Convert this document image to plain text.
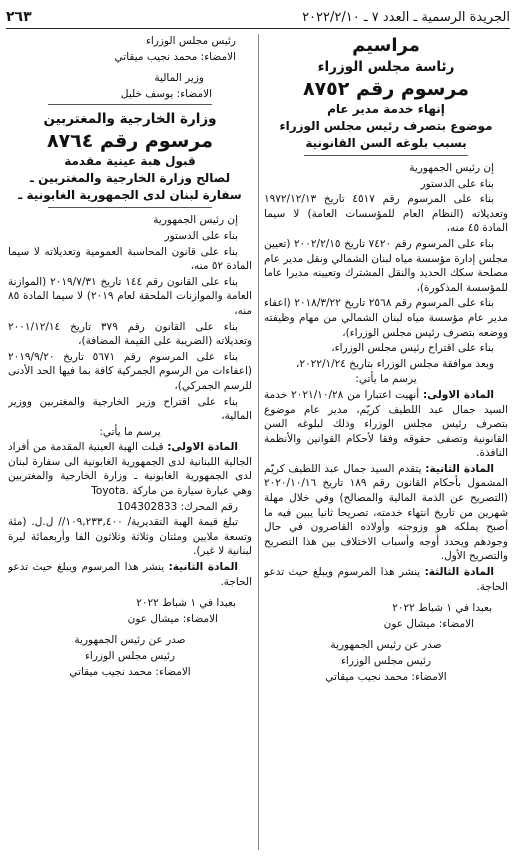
الجريدة الرسمية ـ العدد ٧ ـ ٢٠٢٢/٢/١٠
٢٦٣
مراسيم
رئاسة مجلس الوزراء
مرسوم رقم ٨٧٥٢
إنهاء خدمة مدير عام
موضوع بتصرف رئيس مجلس الوزراء
بسبب بلوغه السن القانونية

إن رئيس الجمهورية

بناء على الدستور

بناء على المرسوم رقم ٤٥١٧ تاريخ ١٩٧٢/١٢/١٣ وتعديلاته (النظام العام للمؤسسات العامة) لا سيما المادة ٤٥ منه،

بناء على المرسوم رقم ٧٤٢٠ تاريخ ٢٠٠٢/٢/١٥ (تعيين مجلس إدارة مؤسسة مياه لبنان الشمالي ونقل مدير عام مصلحة سكك الحديد والنقل المشترك وتعيينه مديرا عاما للمؤسسة المذكورة)،

بناء على المرسوم رقم ٢٥٦٨ تاريخ ٢٠١٨/٣/٢٢ (اعفاء مدير عام مؤسسة مياه لبنان الشمالي من مهام وظيفته ووضعه بتصرف رئيس مجلس الوزراء)،

بناء على اقتراح رئيس مجلس الوزراء،

وبعد موافقة مجلس الوزراء بتاريخ ٢٠٢٢/١/٢٤،

يرسم ما يأتي:

المادة الاولى: أنهيت اعتبارا من ٢٠٢١/١٠/٢٨ خدمة السيد جمال عبد اللطيف كريّم، مدير عام موضوع بتصرف رئيس مجلس الوزراء وذلك لبلوغه السن القانونية وتصفى حقوقه وفقا لأحكام القوانين والأنظمة النافذة.

المادة الثانية: يتقدم السيد جمال عبد اللطيف كريّم المشمول بأحكام القانون رقم ١٨٩ تاريخ ٢٠٢٠/١٠/١٦ (التصريح عن الذمة المالية والمصالح) وفي خلال مهلة شهرين من تاريخ انتهاء خدمته، تصريحا ثانيا يبين فيه ما أصبح يملكه هو وزوجته وأولاده القاصرون في حال وجودهم ويحدد أوجه وأسباب الاختلاف بين هذا التصريح والتصريح الأول.

المادة الثالثة: ينشر هذا المرسوم ويبلغ حيث تدعو الحاجة.

بعبدا في ١ شباط ٢٠٢٢

الامضاء: ميشال عون

صدر عن رئيس الجمهورية

رئيس مجلس الوزراء

الامضاء: محمد نجيب ميقاتي

رئيس مجلس الوزراء

الامضاء: محمد نجيب ميقاتي

وزير المالية

الامضاء: يوسف خليل

وزارة الخارجية والمغتربين
مرسوم رقم ٨٧٦٤
قبول هبة عينية مقدمة
لصالح وزارة الخارجية والمغتربين ـ
سفارة لبنان لدى الجمهورية الغابونية ـ

إن رئيس الجمهورية

بناء على الدستور

بناء على قانون المحاسبة العمومية وتعديلاته لا سيما المادة ٥٢ منه،

بناء على القانون رقم ١٤٤ تاريخ ٢٠١٩/٧/٣١ (الموازنة العامة والموازنات الملحقة لعام ٢٠١٩) لا سيما المادة ٨٥ منه،

بناء على القانون رقم ٣٧٩ تاريخ ٢٠٠١/١٢/١٤ وتعديلاته (الضريبة على القيمة المضافة)،

بناء على المرسوم رقم ٥٦٧١ تاريخ ٢٠١٩/٩/٢٠ (اعفاءات من الرسوم الجمركية كافة بما فيها الحد الأدنى للرسم الجمركي)،

بناء على اقتراح وزير الخارجية والمغتربين ووزير المالية،

يرسم ما يأتي:

المادة الاولى: قبلت الهبة العينية المقدمة من أفراد الجالية اللبنانية لدى الجمهورية الغابونية الى سفارة لبنان لدى الجمهورية الغابونية ـ وزارة الخارجية والمغتربين وهي عبارة سيارة من ماركة Toyota.

رقم المحرك: 104302833

تبلغ قيمة الهبة التقديرية/ ١٠٩,٢٣٣,٤٠٠// ل.ل. (مئة وتسعة ملايين ومئتان وثلاثة وثلاثون الفا وأربعمائة ليرة لبنانية لا غير).

المادة الثانية: ينشر هذا المرسوم ويبلغ حيث تدعو الحاجة.

بعبدا في ١ شباط ٢٠٢٢

الامضاء: ميشال عون

صدر عن رئيس الجمهورية

رئيس مجلس الوزراء

الامضاء: محمد نجيب ميقاتي
